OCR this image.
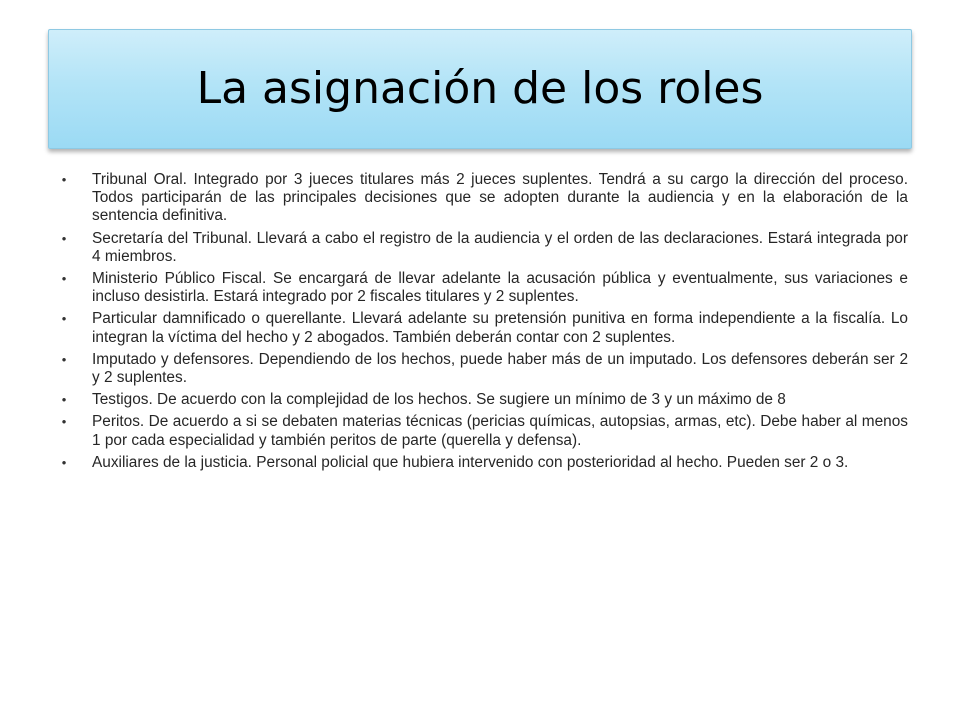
La asignación de los roles
• Tribunal Oral. Integrado por 3 jueces titulares más 2 jueces suplentes. Tendrá a su cargo la dirección del proceso. Todos participarán de las principales decisiones que se adopten durante la audiencia y en la elaboración de la sentencia definitiva.
• Secretaría del Tribunal. Llevará a cabo el registro de la audiencia y el orden de las declaraciones. Estará integrada por 4 miembros.
• Ministerio Público Fiscal. Se encargará de llevar adelante la acusación pública y eventualmente, sus variaciones e incluso desistirla. Estará integrado por 2 fiscales titulares y 2 suplentes.
• Particular damnificado o querellante. Llevará adelante su pretensión punitiva en forma independiente a la fiscalía. Lo integran la víctima del hecho y 2 abogados. También deberán contar con 2 suplentes.
• Imputado y defensores. Dependiendo de los hechos, puede haber más de un imputado. Los defensores deberán ser 2 y 2 suplentes.
• Testigos. De acuerdo con la complejidad de los hechos. Se sugiere un mínimo de 3 y un máximo de 8
• Peritos. De acuerdo a si se debaten materias técnicas (pericias químicas, autopsias, armas, etc). Debe haber al menos 1 por cada especialidad y también peritos de parte (querella y defensa).
• Auxiliares de la justicia. Personal policial que hubiera intervenido con posterioridad al hecho. Pueden ser 2 o 3.
